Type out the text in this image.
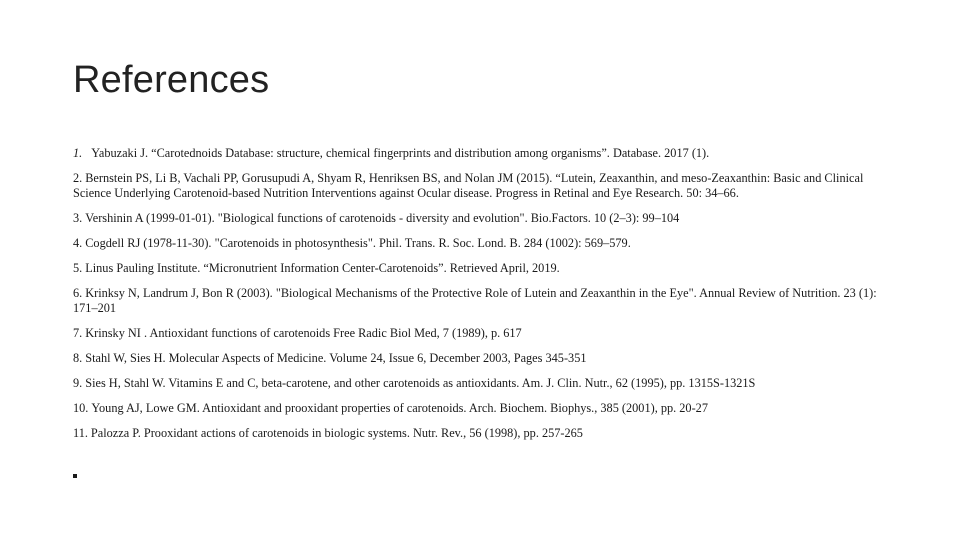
References
1. Yabuzaki J. “Carotednoids Database: structure, chemical fingerprints and distribution among organisms”. Database. 2017 (1).
2. Bernstein PS, Li B, Vachali PP, Gorusupudi A, Shyam R, Henriksen BS, and Nolan JM (2015). “Lutein, Zeaxanthin, and meso-Zeaxanthin: Basic and Clinical Science Underlying Carotenoid-based Nutrition Interventions against Ocular disease. Progress in Retinal and Eye Research. 50: 34–66.
3. Vershinin A (1999-01-01). "Biological functions of carotenoids - diversity and evolution". Bio.Factors. 10 (2–3): 99–104
4. Cogdell RJ (1978-11-30). "Carotenoids in photosynthesis". Phil. Trans. R. Soc. Lond. B. 284 (1002): 569–579.
5. Linus Pauling Institute. “Micronutrient Information Center-Carotenoids”. Retrieved April, 2019.
6. Krinksy N, Landrum J, Bon R (2003). "Biological Mechanisms of the Protective Role of Lutein and Zeaxanthin in the Eye". Annual Review of Nutrition. 23 (1): 171–201
7. Krinsky NI . Antioxidant functions of carotenoids Free Radic Biol Med, 7 (1989), p. 617
8. Stahl W, Sies H. Molecular Aspects of Medicine. Volume 24, Issue 6, December 2003, Pages 345-351
9. Sies H, Stahl W. Vitamins E and C, beta-carotene, and other carotenoids as antioxidants. Am. J. Clin. Nutr., 62 (1995), pp. 1315S-1321S
10. Young AJ, Lowe GM. Antioxidant and prooxidant properties of carotenoids. Arch. Biochem. Biophys., 385 (2001), pp. 20-27
11. Palozza P. Prooxidant actions of carotenoids in biologic systems. Nutr. Rev., 56 (1998), pp. 257-265
